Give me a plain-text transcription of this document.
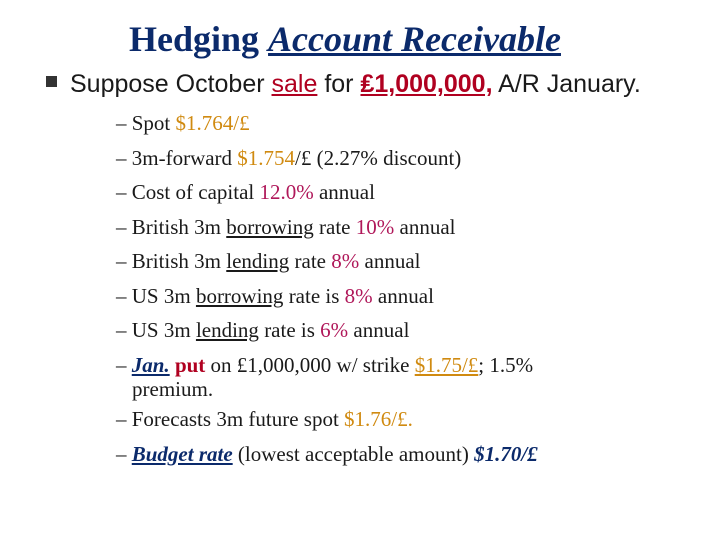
Hedging Account Receivable
Suppose October sale for ₤1,000,000, A/R January.
– Spot $1.764/£
– 3m-forward $1.754/£ (2.27% discount)
– Cost of capital 12.0% annual
– British 3m borrowing rate 10% annual
– British 3m lending rate 8% annual
– US 3m borrowing rate is 8% annual
– US 3m lending rate is 6% annual
– Jan. put on £1,000,000 w/ strike $1.75/£; 1.5%
premium.
– Forecasts 3m future spot $1.76/£.
– Budget rate (lowest acceptable amount) $1.70/£
